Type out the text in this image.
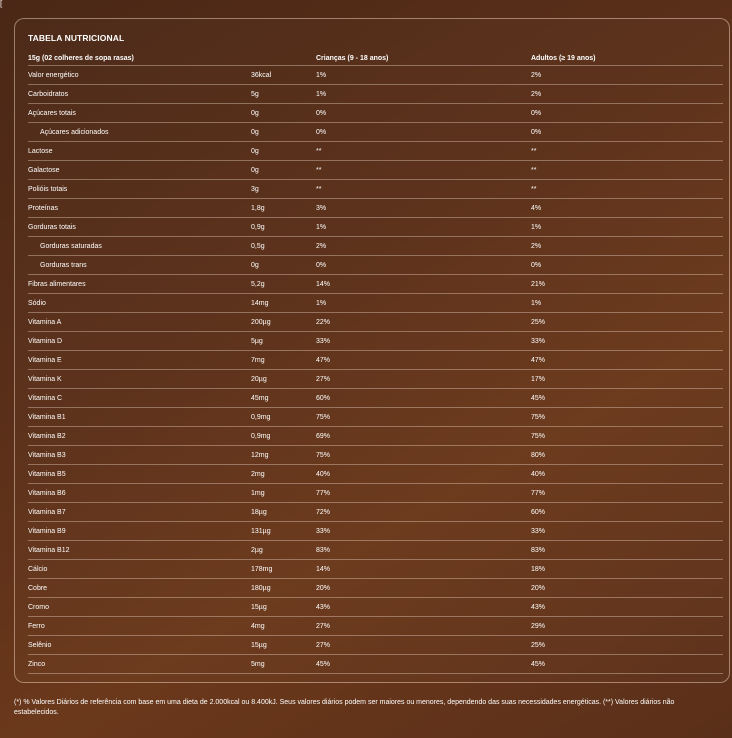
[
TABELA NUTRICIONAL
15g (02 colheres de sopa rasas)		Crianças (9 - 18 anos)	Adultos (≥ 19 anos)
Valor energético	36kcal	1%	2%
Carboidratos	5g	1%	2%
Açúcares totais	0g	0%	0%
Açúcares adicionados	0g	0%	0%
Lactose	0g	**	**
Galactose	0g	**	**
Polióis totais	3g	**	**
Proteínas	1,8g	3%	4%
Gorduras totais	0,9g	1%	1%
Gorduras saturadas	0,5g	2%	2%
Gorduras trans	0g	0%	0%
Fibras alimentares	5,2g	14%	21%
Sódio	14mg	1%	1%
Vitamina A	200µg	22%	25%
Vitamina D	5µg	33%	33%
Vitamina E	7mg	47%	47%
Vitamina K	20µg	27%	17%
Vitamina C	45mg	60%	45%
Vitamina B1	0,9mg	75%	75%
Vitamina B2	0,9mg	69%	75%
Vitamina B3	12mg	75%	80%
Vitamina B5	2mg	40%	40%
Vitamina B6	1mg	77%	77%
Vitamina B7	18µg	72%	60%
Vitamina B9	131µg	33%	33%
Vitamina B12	2µg	83%	83%
Cálcio	178mg	14%	18%
Cobre	180µg	20%	20%
Cromo	15µg	43%	43%
Ferro	4mg	27%	29%
Selênio	15µg	27%	25%
Zinco	5mg	45%	45%
(*) % Valores Diários de referência com base em uma dieta de 2.000kcal ou 8.400kJ. Seus valores diários podem ser maiores ou menores, dependendo das suas necessidades energéticas. (**) Valores diários não estabelecidos.
